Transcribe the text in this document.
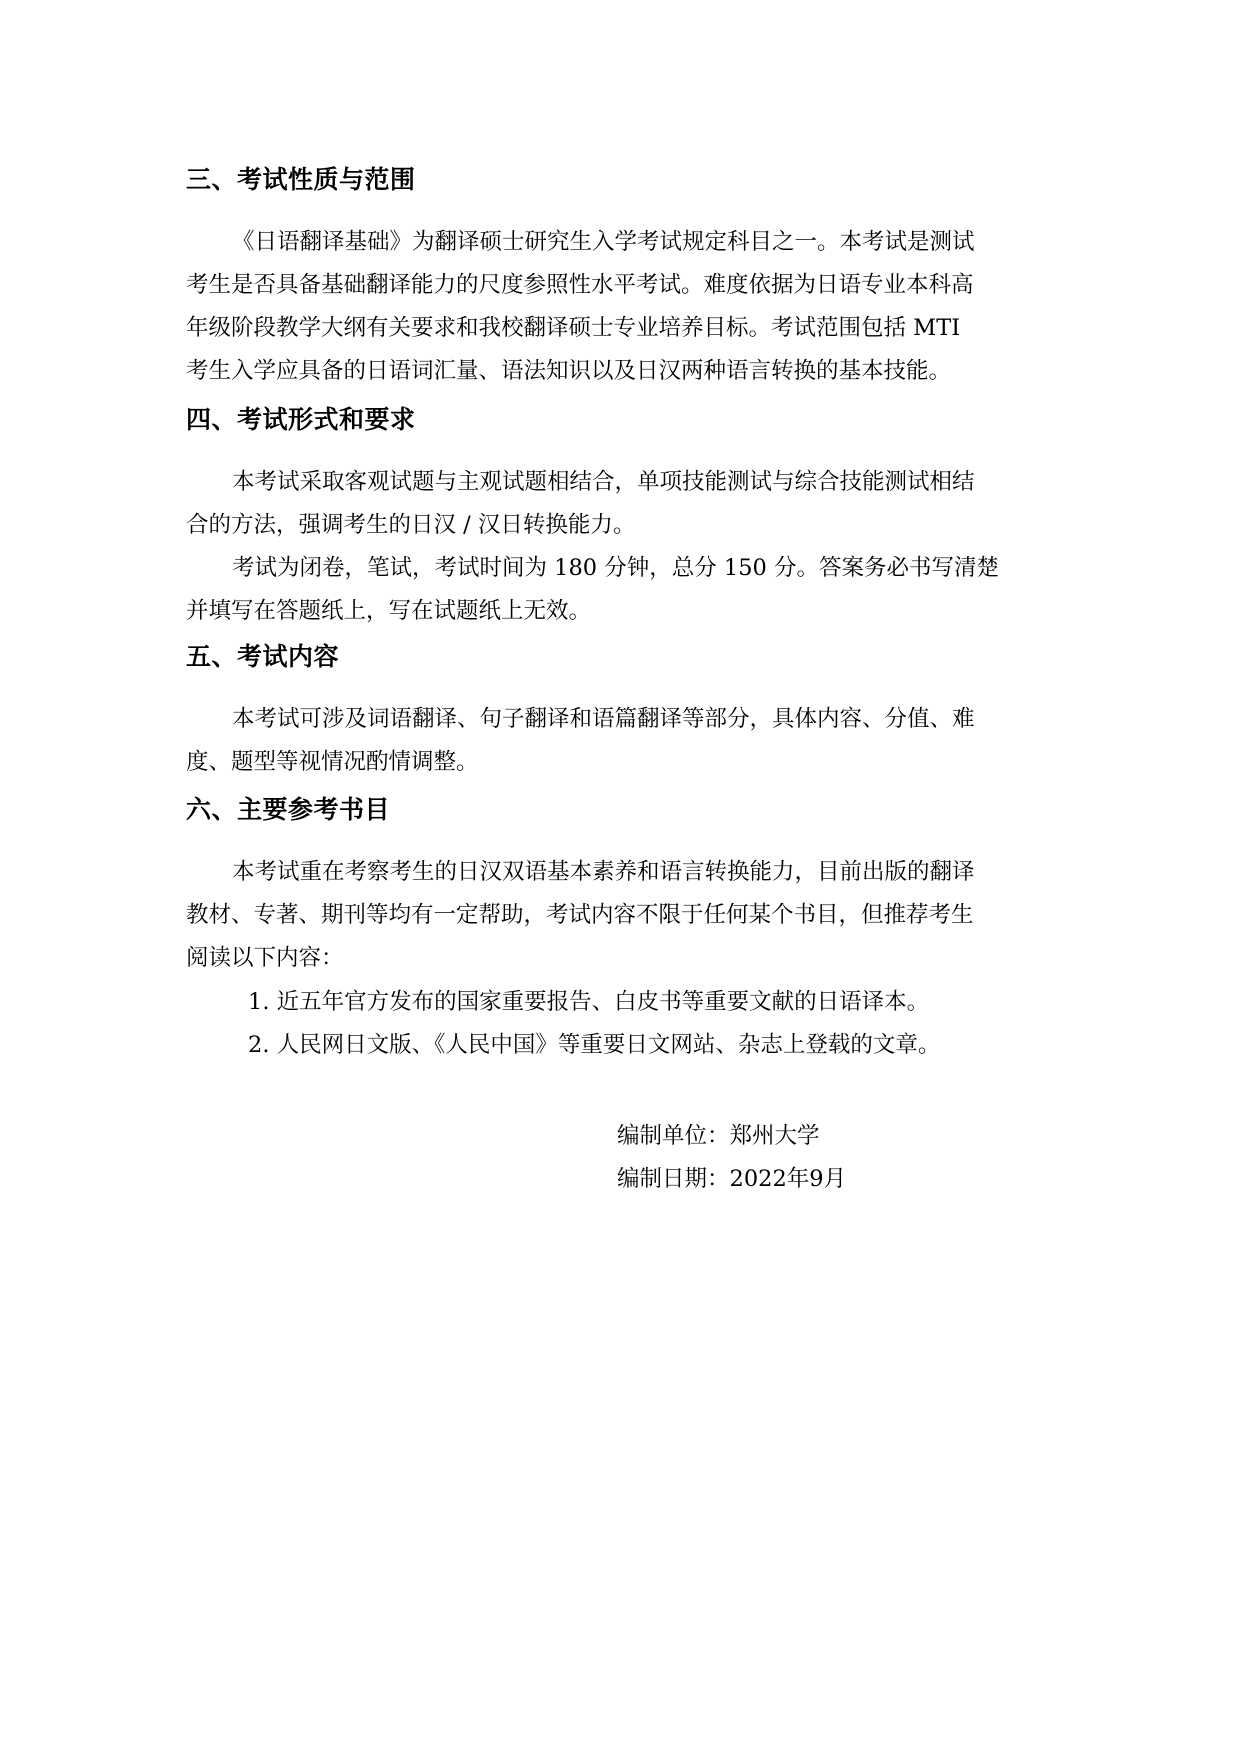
三、考试性质与范围
《日语翻译基础》为翻译硕士研究生入学考试规定科目之一。本考试是测试
考生是否具备基础翻译能力的尺度参照性水平考试。难度依据为日语专业本科高
年级阶段教学大纲有关要求和我校翻译硕士专业培养目标。考试范围包括 MTI
考生入学应具备的日语词汇量、语法知识以及日汉两种语言转换的基本技能。
四、考试形式和要求
本考试采取客观试题与主观试题相结合，单项技能测试与综合技能测试相结
合的方法，强调考生的日汉 / 汉日转换能力。
考试为闭卷，笔试，考试时间为 180 分钟，总分 150 分。答案务必书写清楚
并填写在答题纸上，写在试题纸上无效。
五、考试内容
本考试可涉及词语翻译、句子翻译和语篇翻译等部分，具体内容、分值、难
度、题型等视情况酌情调整。
六、主要参考书目
本考试重在考察考生的日汉双语基本素养和语言转换能力，目前出版的翻译
教材、专著、期刊等均有一定帮助，考试内容不限于任何某个书目，但推荐考生
阅读以下内容：
1. 近五年官方发布的国家重要报告、白皮书等重要文献的日语译本。
2. 人民网日文版、《人民中国》等重要日文网站、杂志上登载的文章。
编制单位：郑州大学
编制日期：2022年9月
